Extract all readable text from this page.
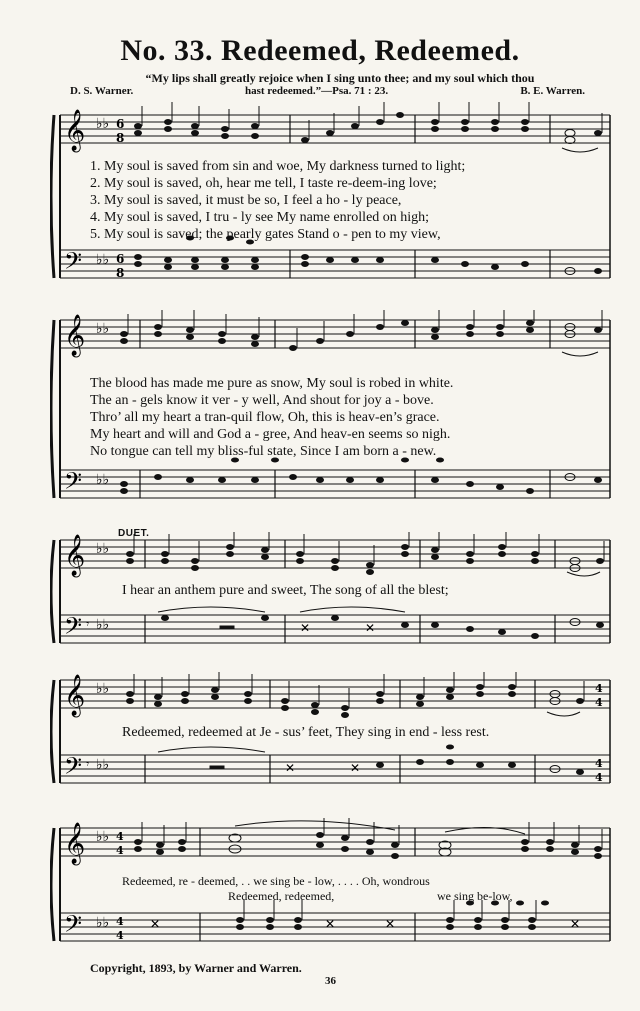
No. 33. Redeemed, Redeemed.
“My lips shall greatly rejoice when I sing unto thee; and my soul which thou
D. S. Warner.	hast redeemed.”—Psa. 71 : 23.	B. E. Warren.
𝄞
𝄢
♭♭
♭♭
6
8
6
8
1. My soul is saved from sin and woe, My darkness turned to light;
2. My soul is saved, oh, hear me tell, I taste re-deem-ing love;
3. My soul is saved, it must be so, I feel a ho - ly peace,
4. My soul is saved, I tru - ly see My name enrolled on high;
5. My soul is saved; the pearly gates Stand o - pen to my view,
𝄞
𝄢
♭♭
♭♭
The blood has made me pure as snow, My soul is robed in white.
The an - gels know it ver - y well, And shout for joy a - bove.
Thro’ all my heart a tran-quil flow, Oh, this is heav-en’s grace.
My heart and will and God a - gree, And heav-en seems so nigh.
No tongue can tell my bliss-ful state, Since I am born a - new.
DUET.
𝄞
𝄢
♭♭
♭♭
𝄾	✕	✕
I hear an anthem pure and sweet, The song of all the blest;
𝄞
𝄢
♭♭
♭♭
4
4
4
4
𝄾	✕	✕
Redeemed, redeemed at Je - sus’ feet, They sing in end - less rest.
𝄞
𝄢
♭♭
♭♭
4
4
4
4
✕	✕	✕	✕
Redeemed, re - deemed, . . we sing be - low, . . . . Oh, wondrous
Redeemed, redeemed,	we sing be-low,
Copyright, 1893, by Warner and Warren.
36
